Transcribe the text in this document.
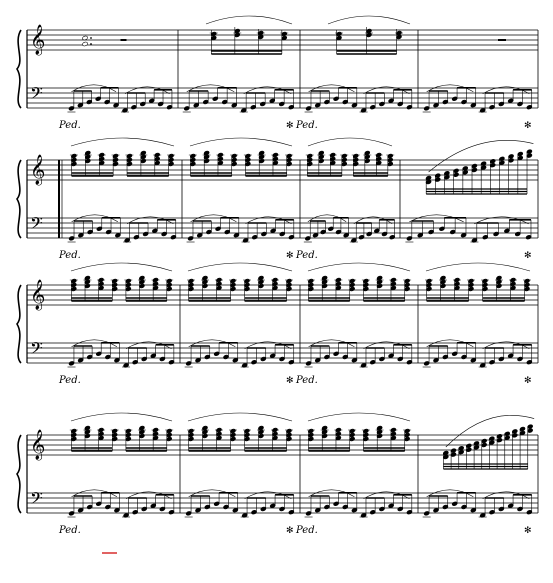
𝄞
𝄢
Ped.	✻ Ped.	✻
𝄞
𝄢
Ped.	✻ Ped.	✻
𝄞
𝄢
Ped.	✻ Ped.	✻
𝄞
𝄢
Ped.	✻ Ped.	✻
